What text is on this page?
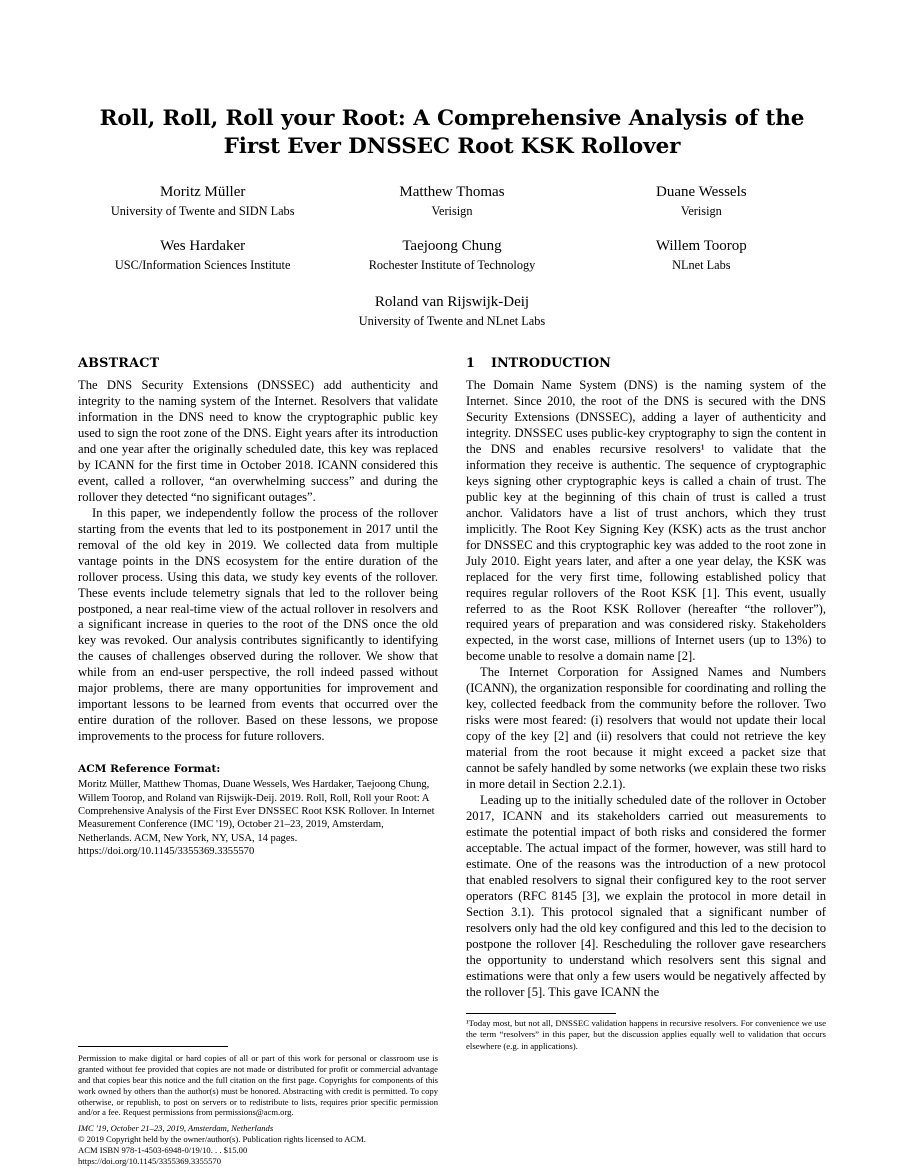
Roll, Roll, Roll your Root: A Comprehensive Analysis of the First Ever DNSSEC Root KSK Rollover
Moritz Müller
University of Twente and SIDN Labs
Matthew Thomas
Verisign
Duane Wessels
Verisign
Wes Hardaker
USC/Information Sciences Institute
Taejoong Chung
Rochester Institute of Technology
Willem Toorop
NLnet Labs
Roland van Rijswijk-Deij
University of Twente and NLnet Labs
ABSTRACT

The DNS Security Extensions (DNSSEC) add authenticity and integrity to the naming system of the Internet. Resolvers that validate information in the DNS need to know the cryptographic public key used to sign the root zone of the DNS. Eight years after its introduction and one year after the originally scheduled date, this key was replaced by ICANN for the first time in October 2018. ICANN considered this event, called a rollover, “an overwhelming success” and during the rollover they detected “no significant outages”.

In this paper, we independently follow the process of the rollover starting from the events that led to its postponement in 2017 until the removal of the old key in 2019. We collected data from multiple vantage points in the DNS ecosystem for the entire duration of the rollover process. Using this data, we study key events of the rollover. These events include telemetry signals that led to the rollover being postponed, a near real-time view of the actual rollover in resolvers and a significant increase in queries to the root of the DNS once the old key was revoked. Our analysis contributes significantly to identifying the causes of challenges observed during the rollover. We show that while from an end-user perspective, the roll indeed passed without major problems, there are many opportunities for improvement and important lessons to be learned from events that occurred over the entire duration of the rollover. Based on these lessons, we propose improvements to the process for future rollovers.

ACM Reference Format:

Moritz Müller, Matthew Thomas, Duane Wessels, Wes Hardaker, Taejoong Chung, Willem Toorop, and Roland van Rijswijk-Deij. 2019. Roll, Roll, Roll your Root: A Comprehensive Analysis of the First Ever DNSSEC Root KSK Rollover. In Internet Measurement Conference (IMC '19), October 21–23, 2019, Amsterdam, Netherlands. ACM, New York, NY, USA, 14 pages. https://doi.org/10.1145/3355369.3355570

Permission to make digital or hard copies of all or part of this work for personal or classroom use is granted without fee provided that copies are not made or distributed for profit or commercial advantage and that copies bear this notice and the full citation on the first page. Copyrights for components of this work owned by others than the author(s) must be honored. Abstracting with credit is permitted. To copy otherwise, or republish, to post on servers or to redistribute to lists, requires prior specific permission and/or a fee. Request permissions from permissions@acm.org.

IMC '19, October 21–23, 2019, Amsterdam, Netherlands

© 2019 Copyright held by the owner/author(s). Publication rights licensed to ACM.

ACM ISBN 978-1-4503-6948-0/19/10. . . $15.00

https://doi.org/10.1145/3355369.3355570

1	INTRODUCTION

The Domain Name System (DNS) is the naming system of the Internet. Since 2010, the root of the DNS is secured with the DNS Security Extensions (DNSSEC), adding a layer of authenticity and integrity. DNSSEC uses public-key cryptography to sign the content in the DNS and enables recursive resolvers¹ to validate that the information they receive is authentic. The sequence of cryptographic keys signing other cryptographic keys is called a chain of trust. The public key at the beginning of this chain of trust is called a trust anchor. Validators have a list of trust anchors, which they trust implicitly. The Root Key Signing Key (KSK) acts as the trust anchor for DNSSEC and this cryptographic key was added to the root zone in July 2010. Eight years later, and after a one year delay, the KSK was replaced for the very first time, following established policy that requires regular rollovers of the Root KSK [1]. This event, usually referred to as the Root KSK Rollover (hereafter “the rollover”), required years of preparation and was considered risky. Stakeholders expected, in the worst case, millions of Internet users (up to 13%) to become unable to resolve a domain name [2].

The Internet Corporation for Assigned Names and Numbers (ICANN), the organization responsible for coordinating and rolling the key, collected feedback from the community before the rollover. Two risks were most feared: (i) resolvers that would not update their local copy of the key [2] and (ii) resolvers that could not retrieve the key material from the root because it might exceed a packet size that cannot be safely handled by some networks (we explain these two risks in more detail in Section 2.2.1).

Leading up to the initially scheduled date of the rollover in October 2017, ICANN and its stakeholders carried out measurements to estimate the potential impact of both risks and considered the former acceptable. The actual impact of the former, however, was still hard to estimate. One of the reasons was the introduction of a new protocol that enabled resolvers to signal their configured key to the root server operators (RFC 8145 [3], we explain the protocol in more detail in Section 3.1). This protocol signaled that a significant number of resolvers only had the old key configured and this led to the decision to postpone the rollover [4]. Rescheduling the rollover gave researchers the opportunity to understand which resolvers sent this signal and estimations were that only a few users would be negatively affected by the rollover [5]. This gave ICANN the

¹Today most, but not all, DNSSEC validation happens in recursive resolvers. For convenience we use the term “resolvers” in this paper, but the discussion applies equally well to validation that occurs elsewhere (e.g. in applications).
